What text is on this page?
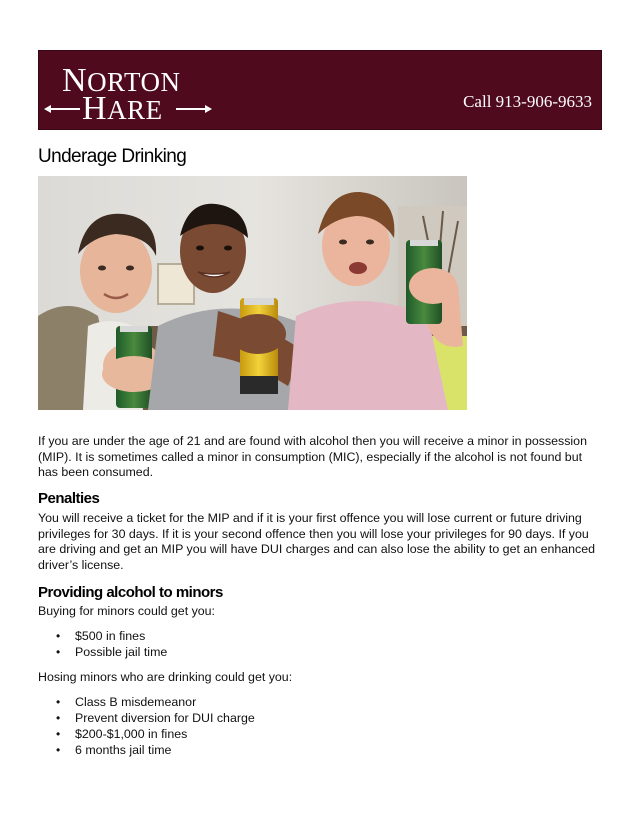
NORTON
HARE	Call 913-906-9633
Underage Drinking

If you are under the age of 21 and are found with alcohol then you will receive a minor in possession (MIP). It is sometimes called a minor in consumption (MIC), especially if the alcohol is not found but has been consumed.

Penalties

You will receive a ticket for the MIP and if it is your first offence you will lose current or future driving privileges for 30 days. If it is your second offence then you will lose your privileges for 90 days. If you are driving and get an MIP you will have DUI charges and can also lose the ability to get an enhanced driver’s license.

Providing alcohol to minors

Buying for minors could get you:

• $500 in fines
• Possible jail time

Hosing minors who are drinking could get you:

• Class B misdemeanor
• Prevent diversion for DUI charge
• $200-$1,000 in fines
• 6 months jail time
